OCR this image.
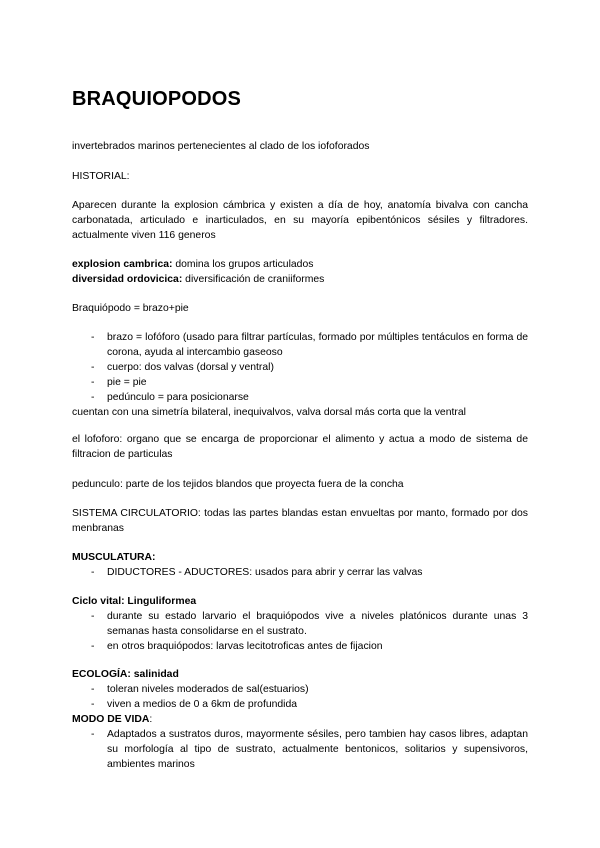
BRAQUIOPODOS

invertebrados marinos pertenecientes al clado de los iofoforados

HISTORIAL:

Aparecen durante la explosion cámbrica y existen a día de hoy, anatomía bivalva con cancha carbonatada, articulado e inarticulados, en su mayoría epibentónicos sésiles y filtradores. actualmente viven 116 generos

explosion cambrica: domina los grupos articulados
diversidad ordovicica: diversificación de craniiformes

Braquiópodo = brazo+pie

- brazo = lofóforo (usado para filtrar partículas, formado por múltiples tentáculos en forma de corona, ayuda al intercambio gaseoso
- cuerpo: dos valvas (dorsal y ventral)
- pie = pie
- pedúnculo = para posicionarse
cuentan con una simetría bilateral, inequivalvos, valva dorsal más corta que la ventral

el lofoforo: organo que se encarga de proporcionar el alimento y actua a modo de sistema de filtracion de particulas

pedunculo: parte de los tejidos blandos que proyecta fuera de la concha

SISTEMA CIRCULATORIO: todas las partes blandas estan envueltas por manto, formado por dos menbranas

MUSCULATURA:
- DIDUCTORES - ADUCTORES: usados para abrir y cerrar las valvas
Ciclo vital: Linguliformea
- durante su estado larvario el braquiópodos vive a niveles platónicos durante unas 3 semanas hasta consolidarse en el sustrato.
- en otros braquiópodos: larvas lecitotroficas antes de fijacion
ECOLOGÍA: salinidad
- toleran niveles moderados de sal(estuarios)
- viven a medios de 0 a 6km de profundida
MODO DE VIDA:
- Adaptados a sustratos duros, mayormente sésiles, pero tambien hay casos libres, adaptan su morfología al tipo de sustrato, actualmente bentonicos, solitarios y supensivoros, ambientes marinos
